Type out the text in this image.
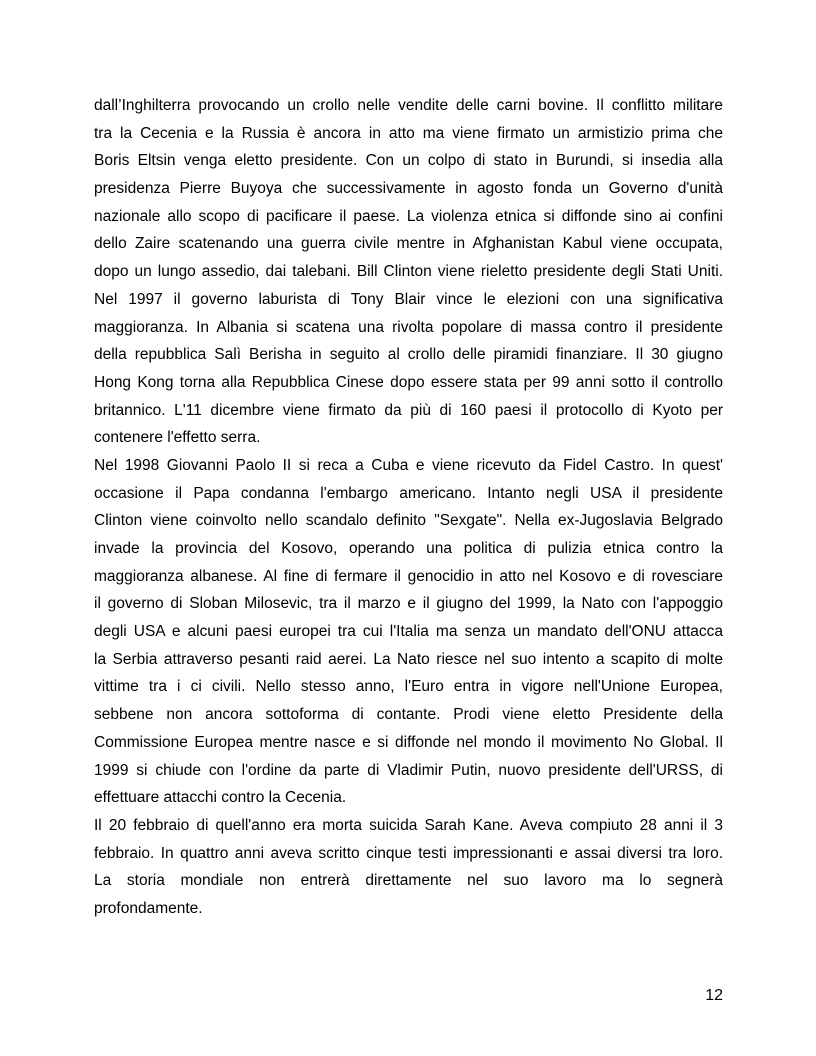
dall’Inghilterra provocando un crollo nelle vendite delle carni bovine. Il conflitto militare
tra la Cecenia e la Russia è ancora in atto ma viene firmato un armistizio prima che
Boris Eltsin venga eletto presidente. Con un colpo di stato in Burundi, si insedia alla
presidenza Pierre Buyoya che successivamente in agosto fonda un Governo d'unità
nazionale allo scopo di pacificare il paese. La violenza etnica si diffonde sino ai confini
dello Zaire scatenando una guerra civile mentre in Afghanistan Kabul viene occupata,
dopo un lungo assedio, dai talebani. Bill Clinton viene rieletto presidente degli Stati Uniti.
Nel 1997 il governo laburista di Tony Blair vince le elezioni con una significativa
maggioranza. In Albania si scatena una rivolta popolare di massa contro il presidente
della repubblica Salì Berisha in seguito al crollo delle piramidi finanziare. Il 30 giugno
Hong Kong torna alla Repubblica Cinese dopo essere stata per 99 anni sotto il controllo
britannico. L'11 dicembre viene firmato da più di 160 paesi il protocollo di Kyoto per
contenere l'effetto serra.
Nel 1998 Giovanni Paolo II si reca a Cuba e viene ricevuto da Fidel Castro. In quest'
occasione il Papa condanna l'embargo americano. Intanto negli USA il presidente
Clinton viene coinvolto nello scandalo definito "Sexgate". Nella ex-Jugoslavia Belgrado
invade la provincia del Kosovo, operando una politica di pulizia etnica contro la
maggioranza albanese. Al fine di fermare il genocidio in atto nel Kosovo e di rovesciare
il governo di Sloban Milosevic, tra il marzo e il giugno del 1999, la Nato con l'appoggio
degli USA e alcuni paesi europei tra cui l'Italia ma senza un mandato dell'ONU attacca
la Serbia attraverso pesanti raid aerei. La Nato riesce nel suo intento a scapito di molte
vittime tra i ci civili. Nello stesso anno, l'Euro entra in vigore nell'Unione Europea,
sebbene non ancora sottoforma di contante. Prodi viene eletto Presidente della
Commissione Europea mentre nasce e si diffonde nel mondo il movimento No Global. Il
1999 si chiude con l'ordine da parte di Vladimir Putin, nuovo presidente dell'URSS, di
effettuare attacchi contro la Cecenia.
Il 20 febbraio di quell'anno era morta suicida Sarah Kane. Aveva compiuto 28 anni il 3
febbraio. In quattro anni aveva scritto cinque testi impressionanti e assai diversi tra loro.
La storia mondiale non entrerà direttamente nel suo lavoro ma lo segnerà
profondamente.
12
